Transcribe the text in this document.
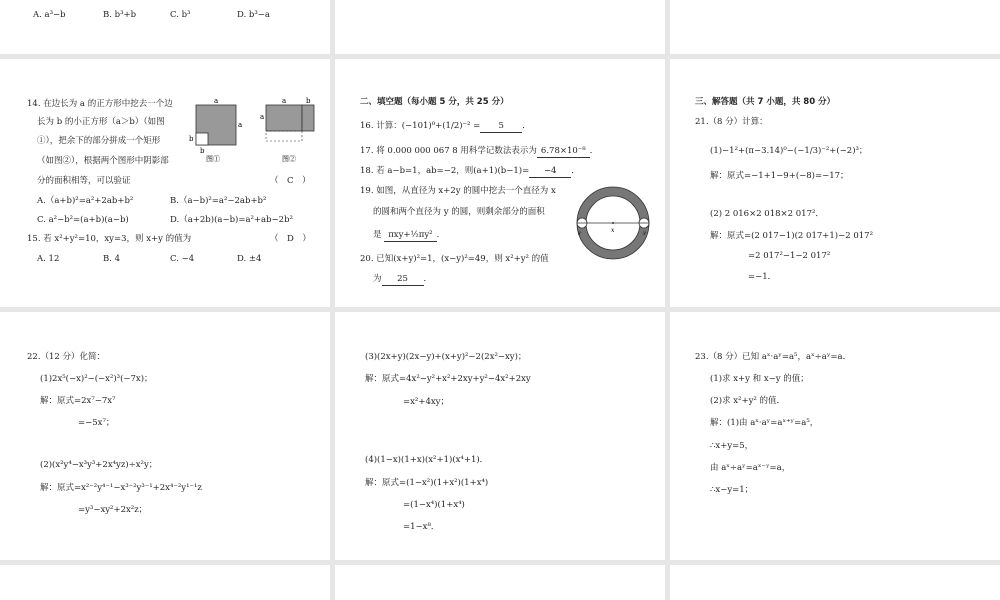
A. a³−b	B. b³+b	C. b³	D. b³−a
14. 在边长为 a 的正方形中挖去一个边
长为 b 的小正方形（a＞b）（如图
①），把余下的部分拼成一个矩形
（如图②），根据两个图形中阴影部
分的面积相等，可以验证	（　C　）
a
a
b
b
图①
a	b
a
图②
A.（a+b)²=a²+2ab+b²	B.（a−b)²=a²−2ab+b²
C. a²−b²=(a+b)(a−b)	D.（a+2b)(a−b)=a²+ab−2b²
15. 若 x²+y²=10，xy=3，则 x+y 的值为	（　D　）
A. 12	B. 4	C. −4	D. ±4
二、填空题（每小题 5 分，共 25 分）
16. 计算：(−101)⁰+(1/2)⁻² = 5 ．
17. 将 0.000 000 067 8 用科学记数法表示为 6.78×10⁻⁸ ．
18. 若 a−b=1，ab=−2，则(a+1)(b−1)= −4 ．
19. 如图，从直径为 x+2y 的圆中挖去一个直径为 x
的圆和两个直径为 y 的圆，则剩余部分的面积
是 πxy+½πy² ．
20. 已知(x+y)²=1，(x−y)²=49，则 x²+y² 的值
为 25 ．
x
y	y
三、解答题（共 7 小题，共 80 分）
21.（8 分）计算：
(1)−1²+(π−3.14)⁰−(−1/3)⁻²+(−2)³；
解：原式=−1+1−9+(−8)=−17；
(2) 2 016×2 018×2 017²．
解：原式=(2 017−1)(2 017+1)−2 017²
=2 017²−1−2 017²
=−1．
22.（12 分）化简：
(1)2x⁵(−x)²−(−x²)³(−7x)；
解：原式=2x⁷−7x⁷
=−5x⁷；
(2)(x²y⁴−x³y³+2x⁴yz)÷x²y；
解：原式=x²⁻²y⁴⁻¹−x³⁻²y³⁻¹+2x⁴⁻²y¹⁻¹z
=y³−xy²+2x²z；
(3)(2x+y)(2x−y)+(x+y)²−2(2x²−xy)；
解：原式=4x²−y²+x²+2xy+y²−4x²+2xy
=x²+4xy；
(4)(1−x)(1+x)(x²+1)(x⁴+1)．
解：原式=(1−x²)(1+x²)(1+x⁴)
=(1−x⁴)(1+x⁴)
=1−x⁸．
23.（8 分）已知 aˣ·aʸ=a⁵，aˣ÷aʸ=a．
(1)求 x+y 和 x−y 的值；
(2)求 x²+y² 的值．
解：(1)由 aˣ·aʸ=aˣ⁺ʸ=a⁵，
∴x+y=5，
由 aˣ÷aʸ=aˣ⁻ʸ=a，
∴x−y=1；
